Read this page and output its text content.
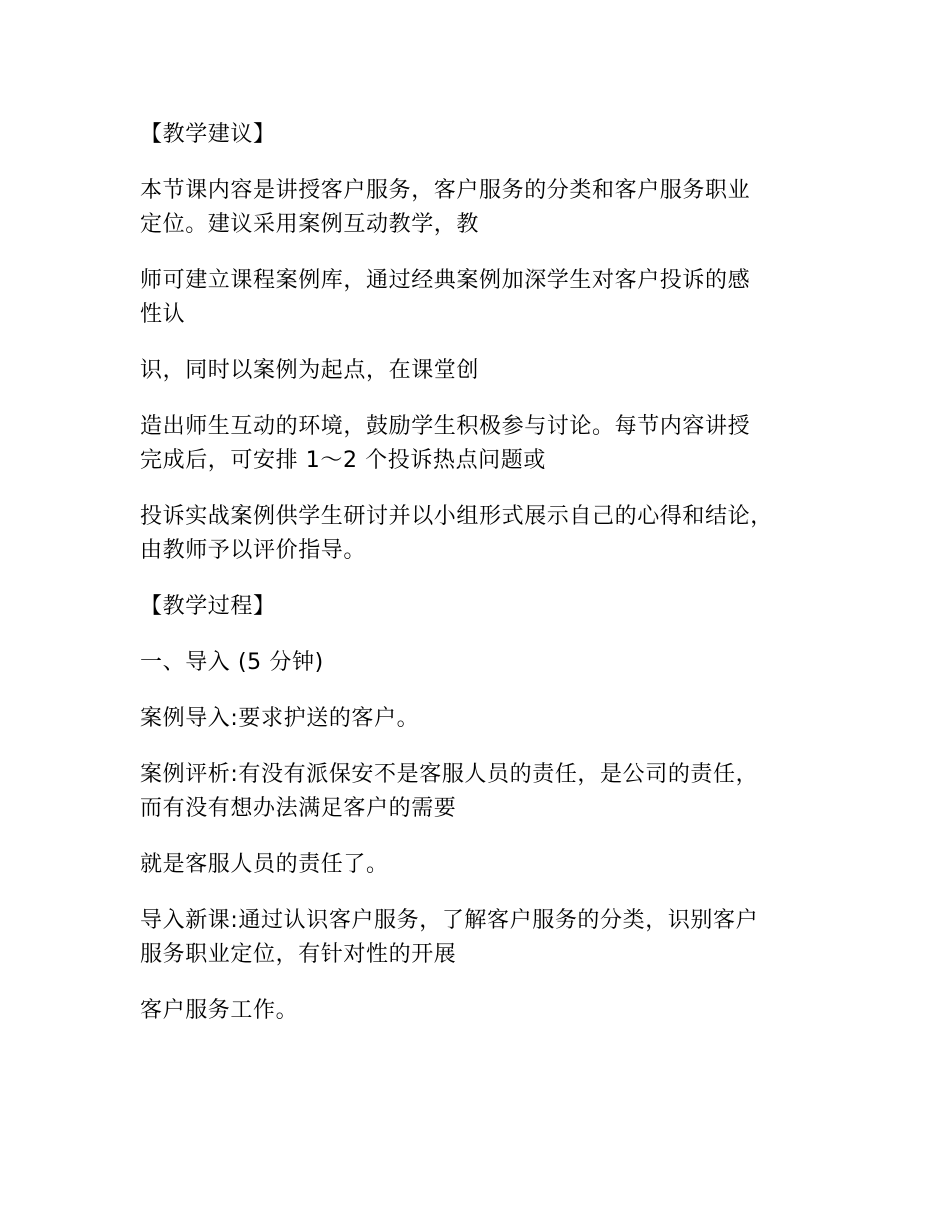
【教学建议】

本节课内容是讲授客户服务，客户服务的分类和客户服务职业
定位。建议采用案例互动教学，教

师可建立课程案例库，通过经典案例加深学生对客户投诉的感
性认

识，同时以案例为起点，在课堂创

造出师生互动的环境，鼓励学生积极参与讨论。每节内容讲授
完成后，可安排 1～2 个投诉热点问题或

投诉实战案例供学生研讨并以小组形式展示自己的心得和结论，
由教师予以评价指导。

【教学过程】

一、导入 (5 分钟)

案例导入:要求护送的客户。

案例评析:有没有派保安不是客服人员的责任，是公司的责任，
而有没有想办法满足客户的需要

就是客服人员的责任了。

导入新课:通过认识客户服务，了解客户服务的分类，识别客户
服务职业定位，有针对性的开展

客户服务工作。
